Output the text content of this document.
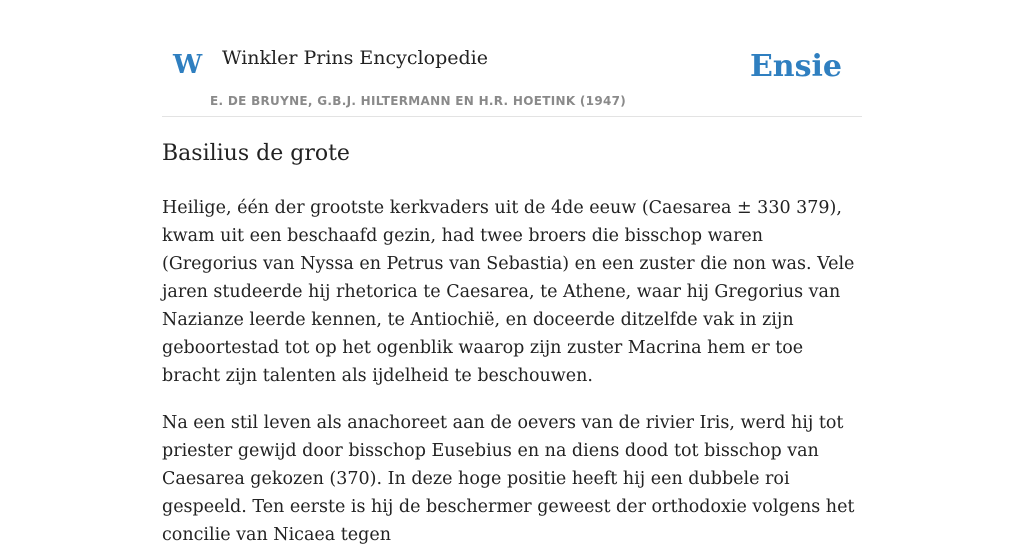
W Winkler Prins Encyclopedie
E. DE BRUYNE, G.B.J. HILTERMANN EN H.R. HOETINK (1947)
Ensie
Basilius de grote

Heilige, één der grootste kerkvaders uit de 4de eeuw (Caesarea ± 330 379), kwam uit een beschaafd gezin, had twee broers die bisschop waren (Gregorius van Nyssa en Petrus van Sebastia) en een zuster die non was. Vele jaren studeerde hij rhetorica te Caesarea, te Athene, waar hij Gregorius van Nazianze leerde kennen, te Antiochië, en doceerde ditzelfde vak in zijn geboortestad tot op het ogenblik waarop zijn zuster Macrina hem er toe bracht zijn talenten als ijdelheid te beschouwen.

Na een stil leven als anachoreet aan de oevers van de rivier Iris, werd hij tot priester gewijd door bisschop Eusebius en na diens dood tot bisschop van Caesarea gekozen (370). In deze hoge positie heeft hij een dubbele roi gespeeld. Ten eerste is hij de beschermer geweest der orthodoxie volgens het concilie van Nicaea tegen
